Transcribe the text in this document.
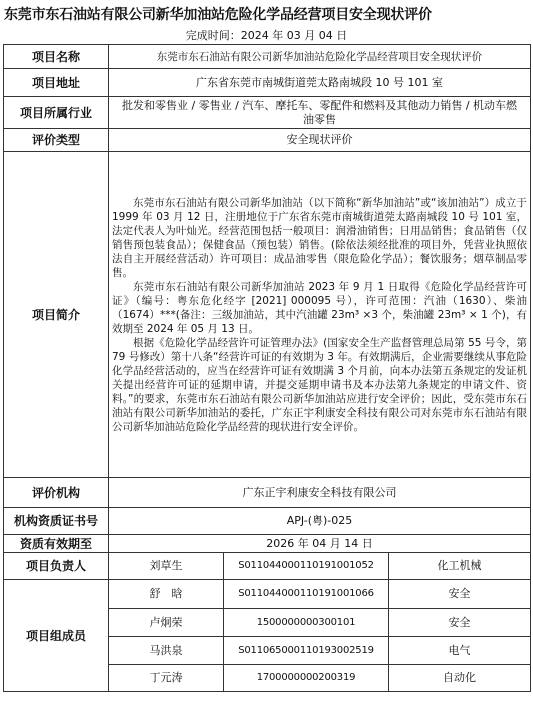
东莞市东石油站有限公司新华加油站危险化学品经营项目安全现状评价
完成时间：2024 年 03 月 04 日
项目名称	东莞市东石油站有限公司新华加油站危险化学品经营项目安全现状评价		
项目地址	广东省东莞市南城街道莞太路南城段 10 号 101 室		
项目所属行业	批发和零售业 / 零售业 / 汽车、摩托车、零配件和燃料及其他动力销售 / 机动车燃油零售		
评价类型	安全现状评价		
项目简介	东莞市东石油站有限公司新华加油站（以下简称“新华加油站”或“该加油站”）成立于 1999 年 03 月 12 日，注册地位于广东省东莞市南城街道莞太路南城段 10 号 101 室，法定代表人为叶灿光。经营范围包括一般项目：润滑油销售；日用品销售；食品销售（仅销售预包装食品）；保健食品（预包装）销售。(除依法须经批准的项目外，凭营业执照依法自主开展经营活动）许可项目：成品油零售（限危险化学品）；餐饮服务；烟草制品零售。

东莞市东石油站有限公司新华加油站 2023 年 9 月 1 日取得《危险化学品经营许可证》（编号：粤东危化经字 [2021] 000095 号），许可范围：汽油（1630）、柴油（1674）***(备注：三级加油站，其中汽油罐 23m³ ×3 个，柴油罐 23m³ × 1 个)，有效期至 2024 年 05 月 13 日。

根据《危险化学品经营许可证管理办法》(国家安全生产监督管理总局第 55 号令，第 79 号修改）第十八条“经营许可证的有效期为 3 年。有效期满后，企业需要继续从事危险化学品经营活动的，应当在经营许可证有效期满 3 个月前，向本办法第五条规定的发证机关提出经营许可证的延期申请，并提交延期申请书及本办法第九条规定的申请文件、资料。”的要求，东莞市东石油站有限公司新华加油站应进行安全评价；因此，受东莞市东石油站有限公司新华加油站的委托，广东正宇利康安全科技有限公司对东莞市东石油站有限公司新华加油站危险化学品经营的现状进行安全评价。		

评价机构	广东正宇利康安全科技有限公司		
机构资质证书号	APJ-(粤)-025		
资质有效期至	2026 年 04 月 14 日		
项目负责人	刘草生	S011044000110191001052	化工机械
项目组成员	舒　晗	S011044000110191001066	安全
	卢炯荣	1500000000300101	安全
	马洪泉	S011065000110193002519	电气
	丁元涛	1700000000200319	自动化
